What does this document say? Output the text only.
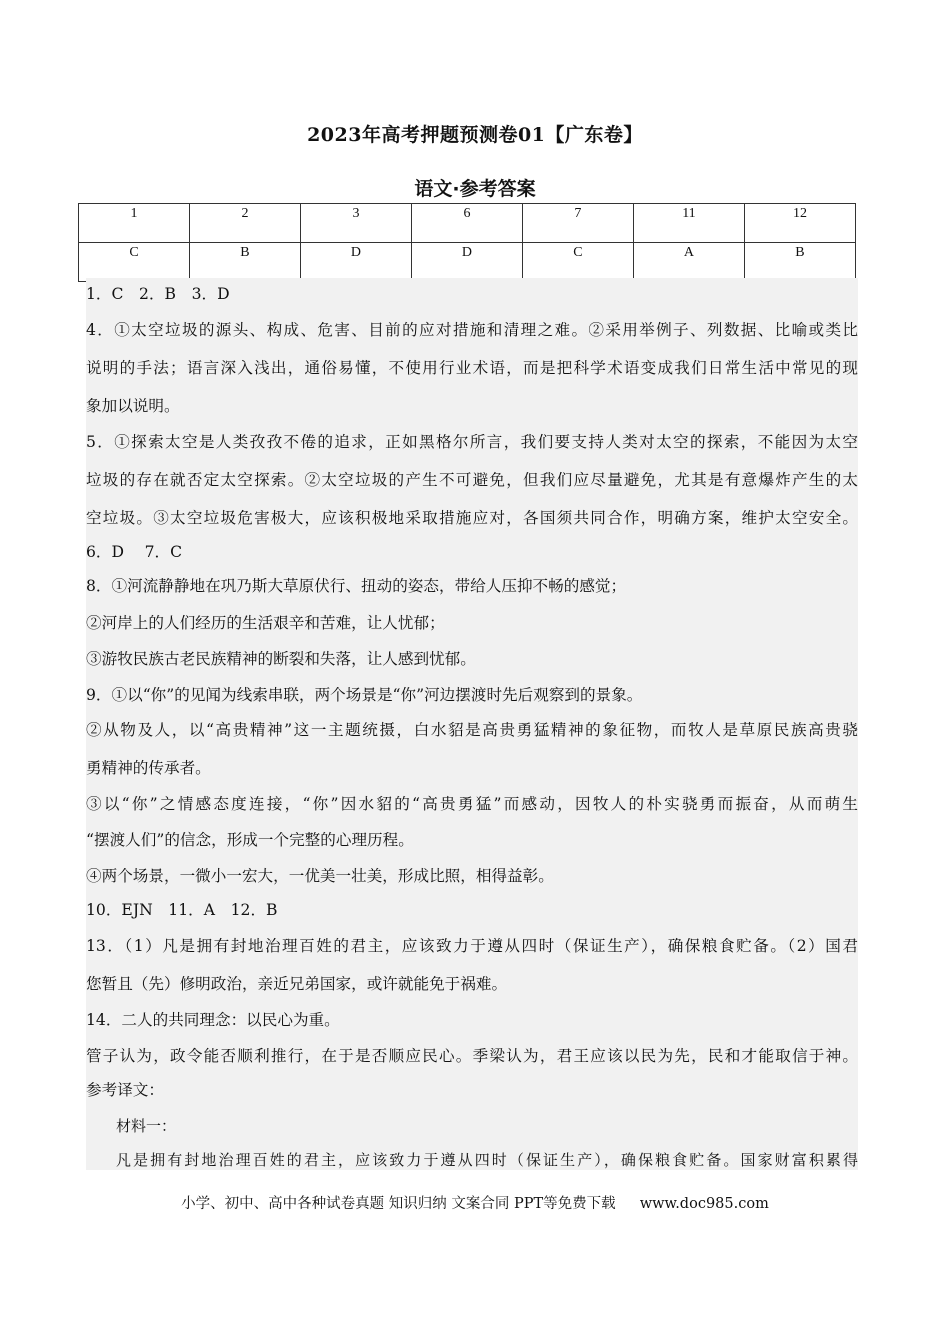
2023年高考押题预测卷01【广东卷】
语文·参考答案
1	2	3	6	7	11	12
C	B	D	D	C	A	B
1．C　2．B　3．D
4．①太空垃圾的源头、构成、危害、目前的应对措施和清理之难。②采用举例子、列数据、比喻或类比
说明的手法；语言深入浅出，通俗易懂，不使用行业术语，而是把科学术语变成我们日常生活中常见的现
象加以说明。
5．①探索太空是人类孜孜不倦的追求，正如黑格尔所言，我们要支持人类对太空的探索，不能因为太空
垃圾的存在就否定太空探索。②太空垃圾的产生不可避免，但我们应尽量避免，尤其是有意爆炸产生的太
空垃圾。③太空垃圾危害极大，应该积极地采取措施应对，各国须共同合作，明确方案，维护太空安全。
6．D　 7．C
8．①河流静静地在巩乃斯大草原伏行、扭动的姿态，带给人压抑不畅的感觉；
②河岸上的人们经历的生活艰辛和苦难，让人忧郁；
③游牧民族古老民族精神的断裂和失落，让人感到忧郁。
9．①以“你”的见闻为线索串联，两个场景是“你”河边摆渡时先后观察到的景象。
②从物及人，以“高贵精神”这一主题统摄，白水貂是高贵勇猛精神的象征物，而牧人是草原民族高贵骁
勇精神的传承者。
③以“你”之情感态度连接，“你”因水貂的“高贵勇猛”而感动，因牧人的朴实骁勇而振奋，从而萌生
“摆渡人们”的信念，形成一个完整的心理历程。
④两个场景，一微小一宏大，一优美一壮美，形成比照，相得益彰。
10．EJN　11．A　12．B
13．（1）凡是拥有封地治理百姓的君主，应该致力于遵从四时（保证生产），确保粮食贮备。（2）国君
您暂且（先）修明政治，亲近兄弟国家，或许就能免于祸难。
14．二人的共同理念：以民心为重。
管子认为，政令能否顺利推行，在于是否顺应民心。季梁认为，君王应该以民为先，民和才能取信于神。
参考译文：
材料一：
凡是拥有封地治理百姓的君主，应该致力于遵从四时（保证生产），确保粮食贮备。国家财富积累得
小学、初中、高中各种试卷真题 知识归纳 文案合同 PPT等免费下载 www.doc985.com
